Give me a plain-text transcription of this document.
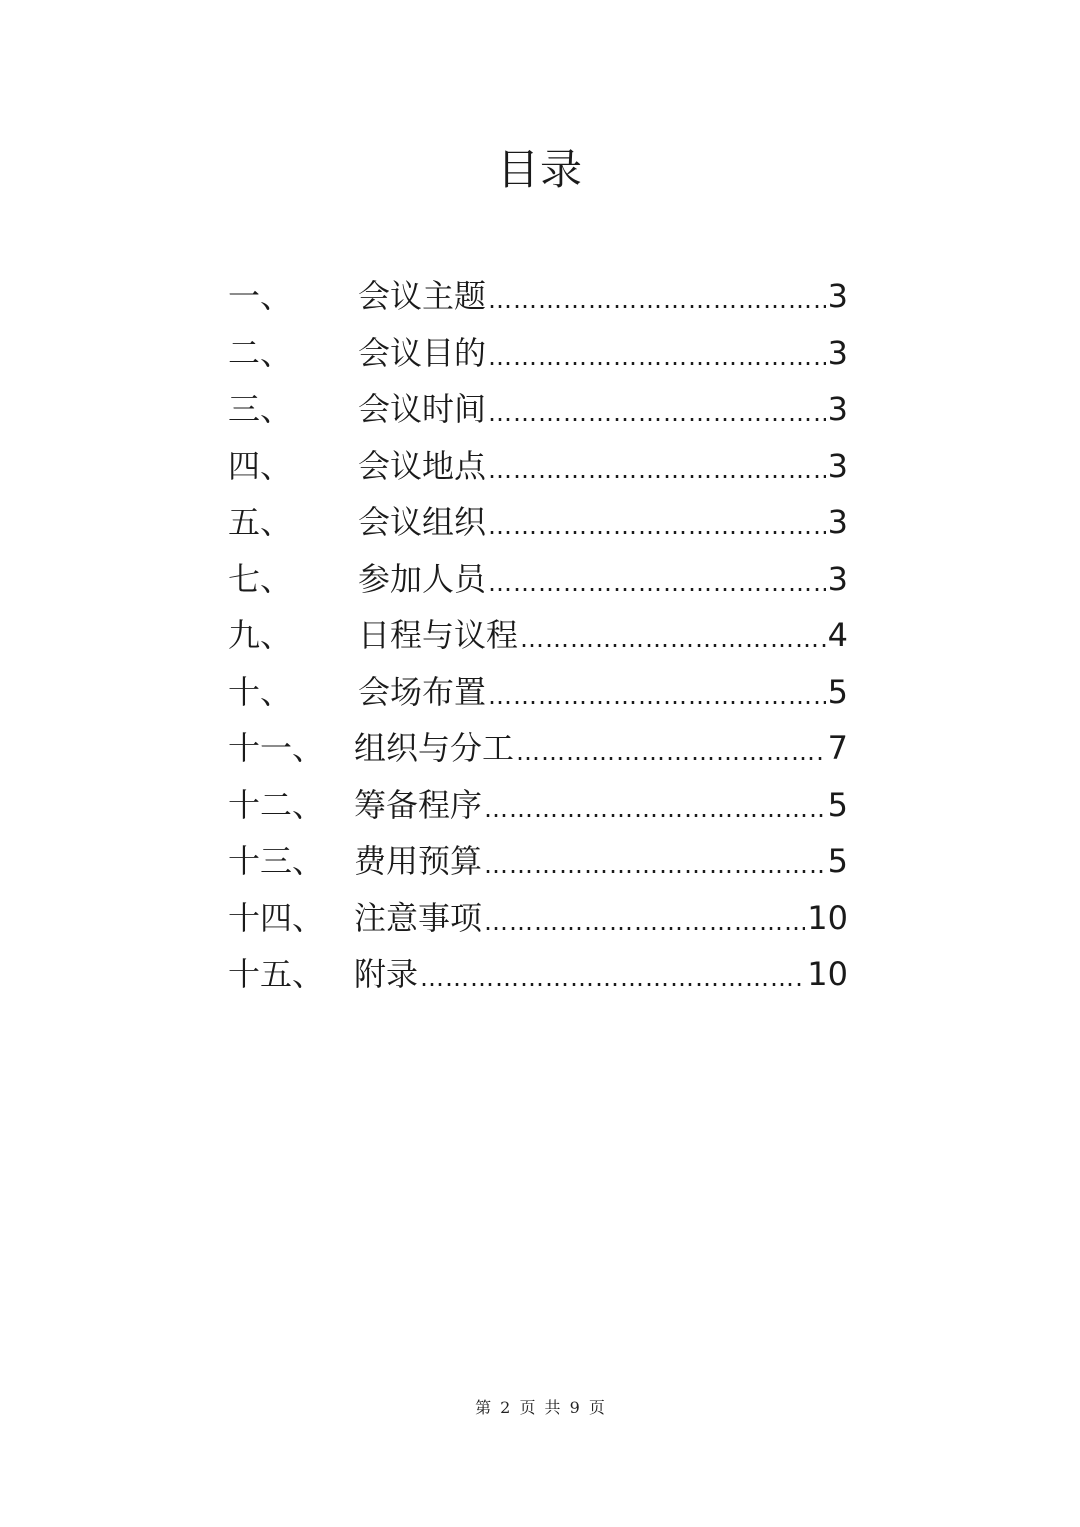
目录
一、	会议主题 …………………………………………………………………………………………………………	3
二、	会议目的 …………………………………………………………………………………………………………	3
三、	会议时间 …………………………………………………………………………………………………………	3
四、	会议地点 …………………………………………………………………………………………………………	3
五、	会议组织 …………………………………………………………………………………………………………	3
七、	参加人员 …………………………………………………………………………………………………………	3
九、	日程与议程 …………………………………………………………………………………………………………	4
十、	会场布置 …………………………………………………………………………………………………………	5
十一、 组织与分工 …………………………………………………………………………………………………………	7
十二、 筹备程序 …………………………………………………………………………………………………………	5
十三、 费用预算 …………………………………………………………………………………………………………	5
十四、 注意事项 …………………………………………………………………………………………………………	10
十五、 附录 …………………………………………………………………………………………………………	10
第 2 页 共 9 页
